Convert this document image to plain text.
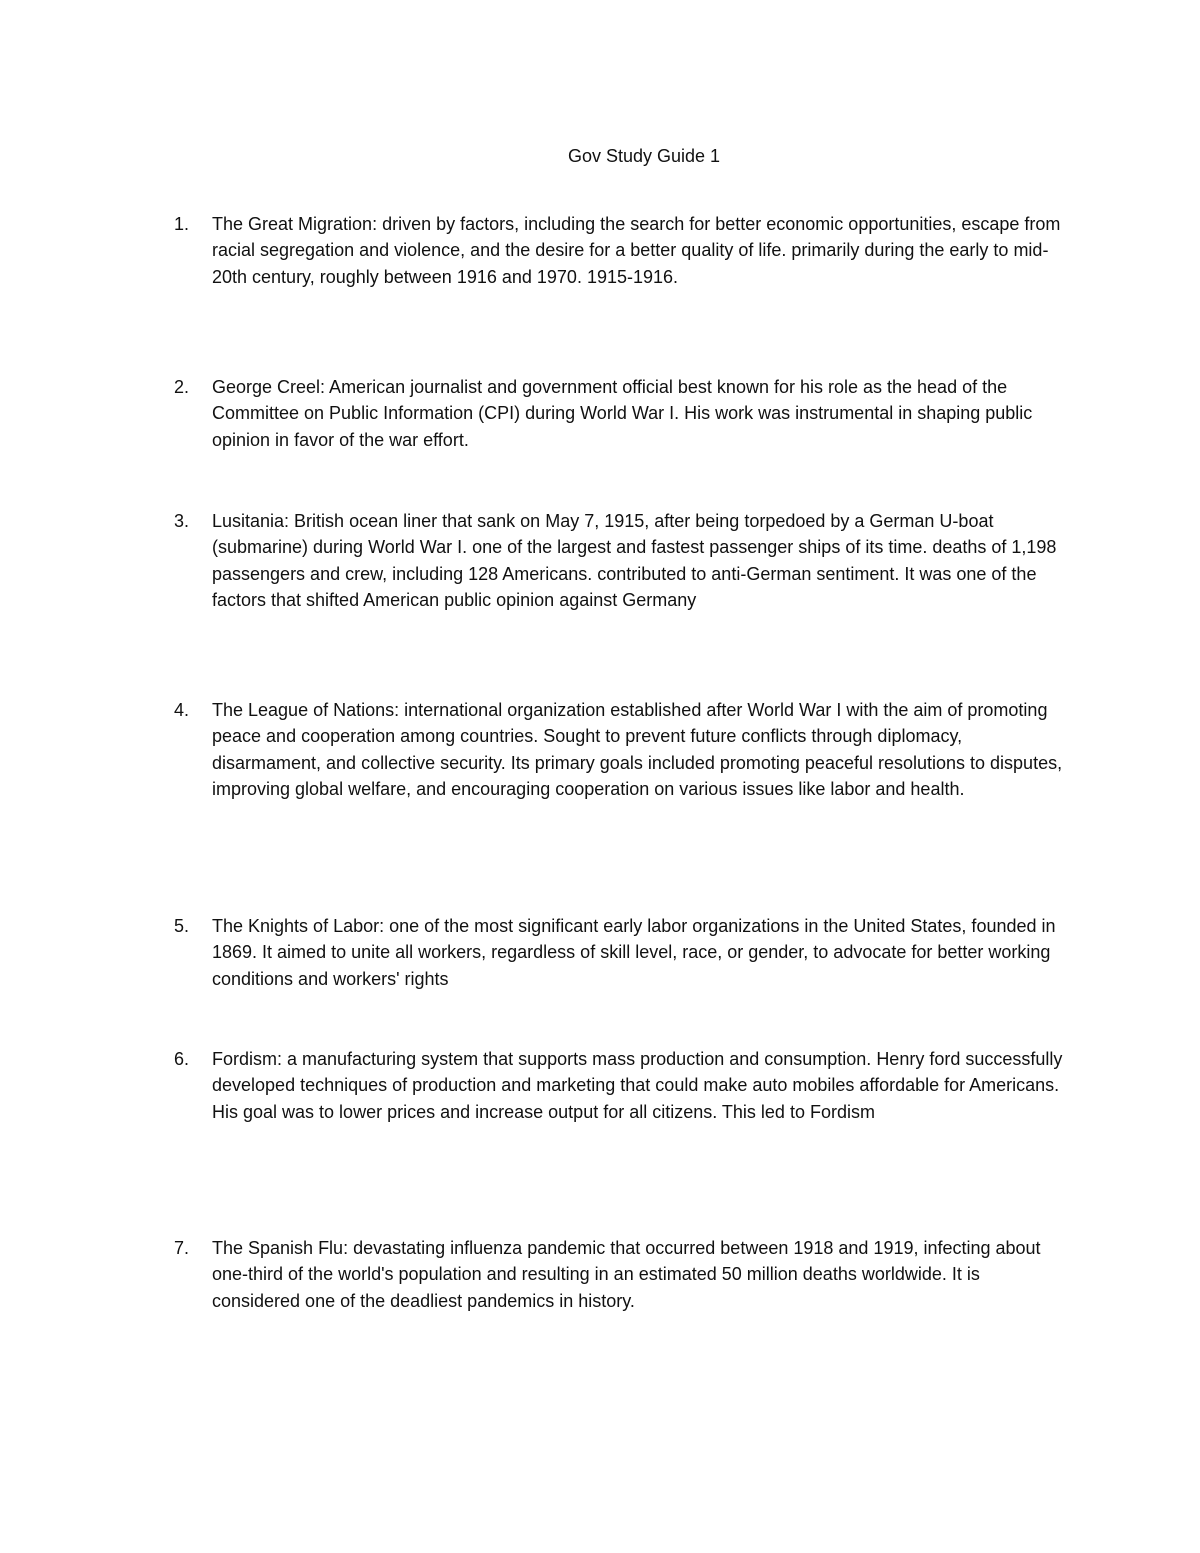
Gov Study Guide 1
1.	The Great Migration: driven by factors, including the search for better economic opportunities, escape from racial segregation and violence, and the desire for a better quality of life. primarily during the early to mid-20th century, roughly between 1916 and 1970. 1915-1916.
2.	George Creel: American journalist and government official best known for his role as the head of the Committee on Public Information (CPI) during World War I. His work was instrumental in shaping public opinion in favor of the war effort.
3.	Lusitania: British ocean liner that sank on May 7, 1915, after being torpedoed by a German U-boat (submarine) during World War I. one of the largest and fastest passenger ships of its time. deaths of 1,198 passengers and crew, including 128 Americans. contributed to anti-German sentiment. It was one of the factors that shifted American public opinion against Germany
4.	The League of Nations: international organization established after World War I with the aim of promoting peace and cooperation among countries. Sought to prevent future conflicts through diplomacy, disarmament, and collective security. Its primary goals included promoting peaceful resolutions to disputes, improving global welfare, and encouraging cooperation on various issues like labor and health.
5.	The Knights of Labor: one of the most significant early labor organizations in the United States, founded in 1869. It aimed to unite all workers, regardless of skill level, race, or gender, to advocate for better working conditions and workers' rights
6.	Fordism: a manufacturing system that supports mass production and consumption. Henry ford successfully developed techniques of production and marketing that could make auto mobiles affordable for Americans. His goal was to lower prices and increase output for all citizens. This led to Fordism
7.	The Spanish Flu: devastating influenza pandemic that occurred between 1918 and 1919, infecting about one-third of the world's population and resulting in an estimated 50 million deaths worldwide. It is considered one of the deadliest pandemics in history.
